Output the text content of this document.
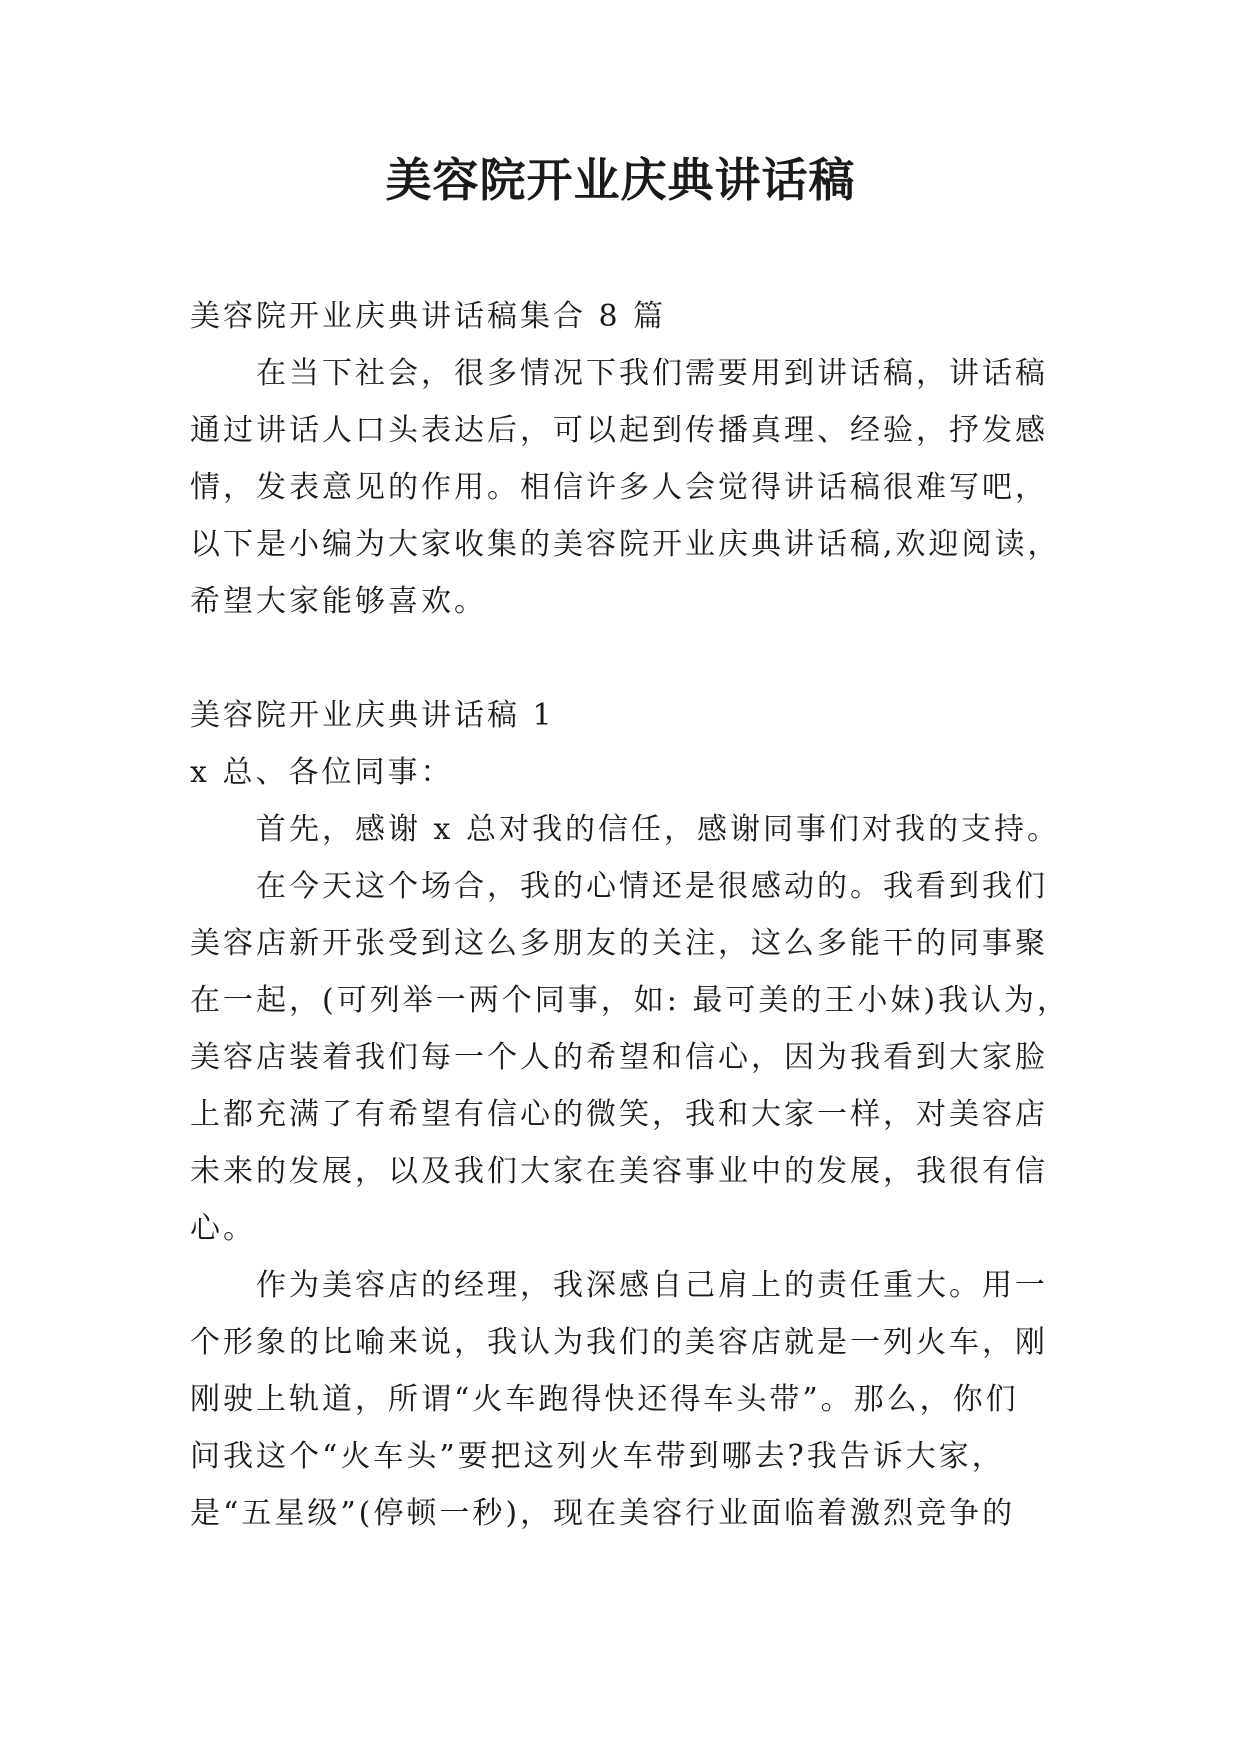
美容院开业庆典讲话稿

美容院开业庆典讲话稿集合 8 篇

在当下社会，很多情况下我们需要用到讲话稿，讲话稿

通过讲话人口头表达后，可以起到传播真理、经验，抒发感

情，发表意见的作用。相信许多人会觉得讲话稿很难写吧，

以下是小编为大家收集的美容院开业庆典讲话稿,欢迎阅读，

希望大家能够喜欢。

美容院开业庆典讲话稿 1

x 总、各位同事：

首先，感谢 x 总对我的信任，感谢同事们对我的支持。

在今天这个场合，我的心情还是很感动的。我看到我们

美容店新开张受到这么多朋友的关注，这么多能干的同事聚

在一起，(可列举一两个同事，如: 最可美的王小妹)我认为，

美容店装着我们每一个人的希望和信心，因为我看到大家脸

上都充满了有希望有信心的微笑，我和大家一样，对美容店

未来的发展，以及我们大家在美容事业中的发展，我很有信

心。

作为美容店的经理，我深感自己肩上的责任重大。用一

个形象的比喻来说，我认为我们的美容店就是一列火车，刚

刚驶上轨道，所谓“火车跑得快还得车头带”。那么，你们

问我这个“火车头”要把这列火车带到哪去?我告诉大家，

是“五星级”(停顿一秒)，现在美容行业面临着激烈竞争的
